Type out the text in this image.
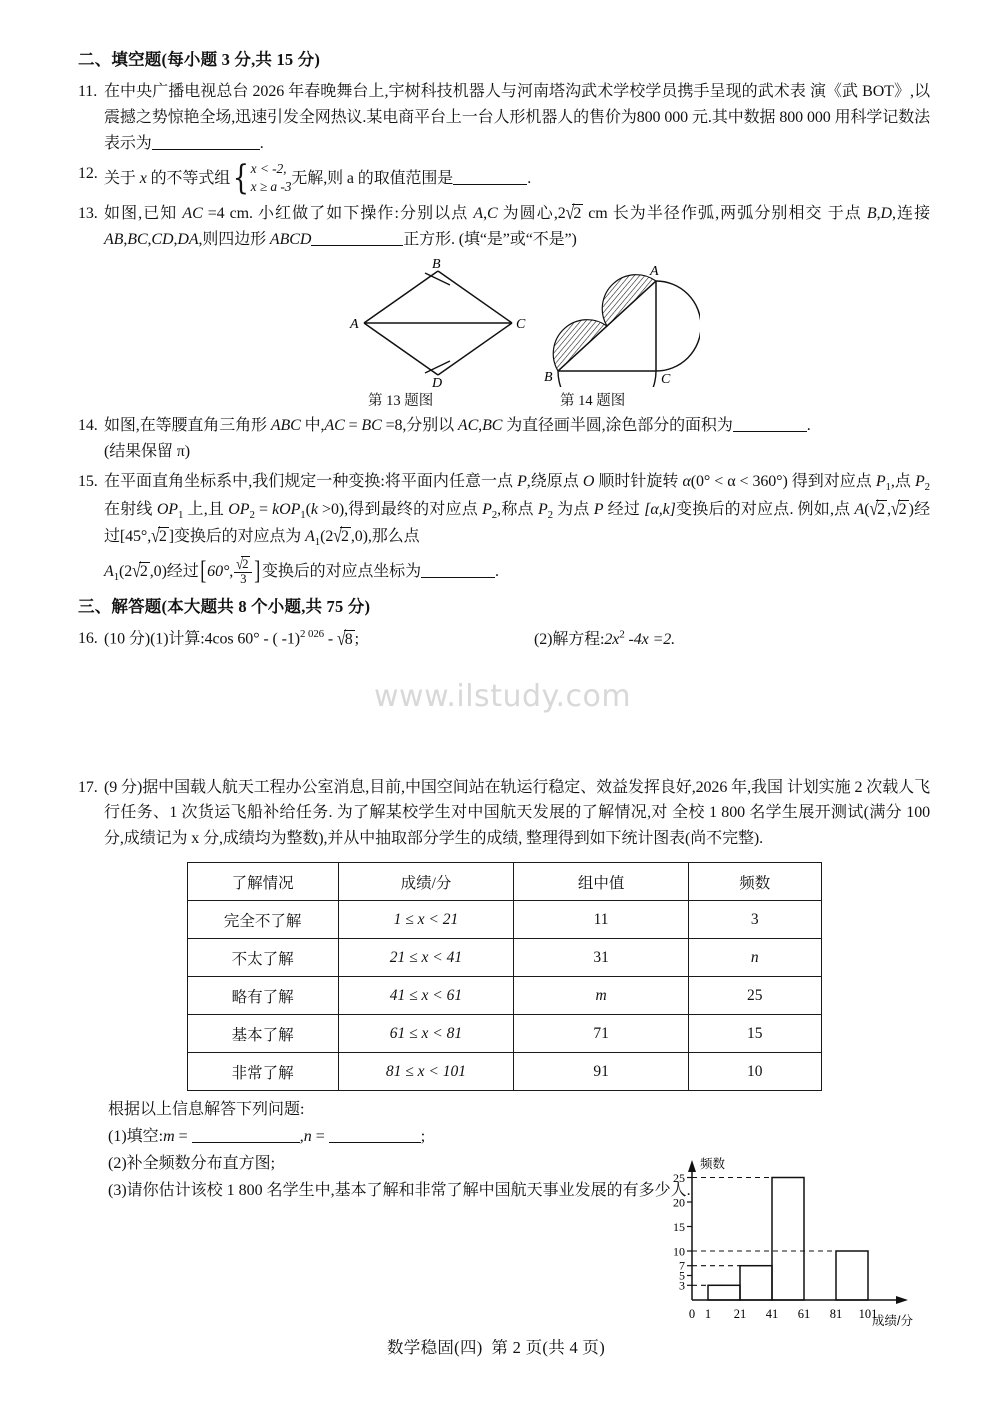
二、填空题(每小题 3 分,共 15 分)
11. 在中央广播电视总台 2026 年春晚舞台上,宇树科技机器人与河南塔沟武术学校学员携手呈现的武术表 演《武 BOT》,以震撼之势惊艳全场,迅速引发全网热议.某电商平台上一台人形机器人的售价为800 000 元.其中数据 800 000 用科学记数法表示为	.
12. 关于 x 的不等式组 { x < -2,
x ≥ a -3 无解,则 a 的取值范围是	.
13. 如图,已知 AC =4 cm. 小红做了如下操作:分别以点 A,C 为圆心,2√2 cm 长为半径作弧,两弧分别相交 于点 B,D,连接 AB,BC,CD,DA,则四边形 ABCD	正方形. (填“是”或“不是”)
A
B
C
D
A
B	C
第 13 题图	第 14 题图
14. 如图,在等腰直角三角形 ABC 中,AC = BC =8,分别以 AC,BC 为直径画半圆,涂色部分的面积为	.
(结果保留 π)
15. 在平面直角坐标系中,我们规定一种变换:将平面内任意一点 P,绕原点 O 顺时针旋转 α(0° < α < 360°) 得到对应点 $P_1$,点 $P_2$ 在射线 $OP_1$ 上,且 $OP_2 = kOP_1(k >0)$,得到最终的对应点 $P_2$,称点 $P_2$ 为点 P 经过 [α,k]变换后的对应点. 例如,点 A(√2 ,√2 )经过[45°,√2 ]变换后的对应点为 $A_1(2√2$ ,0),那么点
$A_1(2√2$ ,0)经过[60°, $\frac{√2}{3}$ ]变换后的对应点坐标为	.
三、解答题(本大题共 8 个小题,共 75 分)
16. (10 分)(1)计算:4cos 60° - ( -1)$^{2 026}$ - √8 ;	(2)解方程$:2x^2$ -4x =2.
17. (9 分)据中国载人航天工程办公室消息,目前,中国空间站在轨运行稳定、效益发挥良好,2026 年,我国 计划实施 2 次载人飞行任务、1 次货运飞船补给任务. 为了解某校学生对中国航天发展的了解情况,对 全校 1 800 名学生展开测试(满分 100 分,成绩记为 x 分,成绩均为整数),并从中抽取部分学生的成绩, 整理得到如下统计图表(尚不完整).
了解情况	成绩/分	组中值	频数
完全不了解	1 ≤ x < 21	11	3
不太了解	21 ≤ x < 41	31	n
略有了解	41 ≤ x < 61	m	25
基本了解	61 ≤ x < 81	71	15
非常了解	81 ≤ x < 101	91	10
根据以上信息解答下列问题:
(1)填空:m =	,n =	;
(2)补全频数分布直方图;
(3)请你估计该校 1 800 名学生中,基本了解和非常了解中国航天事业发展的有多少人.
www.ilstudy.com
频数
成绩/分
3
5
7
10
15
20
25
0 1 21 41 61 81 101
数学稳固(四) 第 2 页(共 4 页)
